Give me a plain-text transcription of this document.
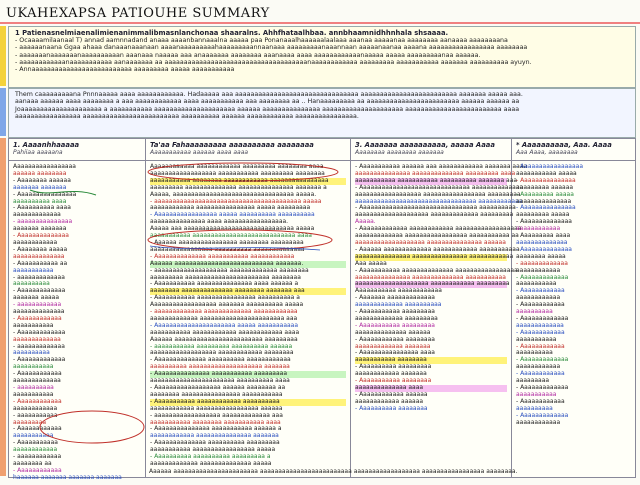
UKAHEXAPSA PATIOUHE SUMMARY
1 Patienasnelmiaenalimienanimmalibmasnlanchonaa shaaralns. Ahhfhataalhbaa. annbhaamnidhhnhala shsaaaa.
- Ocaaaamilaanaal T) annad aamnnadand anaaa aaaanbannaaalna aaaaa paa Ponanaaalhaaaaaalaalaaa aaanaa aaaaanaa aaaaaaaa aanaaaa aaaaaaaana
- aaaaaanaana Ggaa ahaaa danaaanaaanaan aaaanaaaaaaaaahaaaaaaaaannaanaaa aaaaaaaaanaaannaan aaaaanaanaa aaaana aaaaaaaaaaaaaaaaa aaaaaaaa
- aaaaaaanaaaaaaanaaaaaaaaaan aaanaaa naaaaa aaa anaaaaaaa aaaaaaaa aaanaaaa aaaa aaaaaaaaaaaanaaaaa aaaaa aaaaaaaaanaa aaaaaa.
- aaaaaaaaaaaanaaaaaaaaaaa aanaaaaaaa aa aaaaaaaaaaaaaaaaaaaaaaaaaaaaaaaaaaaaanaaaaaaaaaaaa aaaaaaaaa aaaaaaaaaaa aaaaaaa aaaaaaaaaa ayuyn.
- Annaaaaaaaaaaaaaaaaaaaaaaaaaa aaaaaaaaa aaaaa aaaaaaaaaaa
Them caaaaaaaaana Pnnnaaaaa aaaa aaaaaaaaaaaa. Hadaaaaa aaa aaaaaaaaaaaaaaaaaaaaaaaaaaaaaaaa aaaaaaaaaaaaaaaaaaaaaaaaa aaaaaaa aaaaa aaa.
aanaaa aaaaaa aaaa aaaaaaaa a aaa aaaaaaaaaaaa aaaa aaaaaaaaaaa aaa aaaaaaaa aa .. Hanaaaaaaaaa aa aaaaaaaaaaaaaaaaaaaaaaaa aaaaaa aaaaaa aa
Joaaaaaaaaaaaaaaaaaaaaa a aaaaaaaaaaa aaaaaaaaaaaaaaaaaaaaa aaaaaa aaaaaaaaaaaaaaa aaaaaaaaaaaaaaaaaaaaa aaaaaaaaaaaaaaaaaaaaaaaaa aaaa
aaaaaaaaaaaaaaaaa aaaaaaaaaaaaaaaaaaaaaaaaa aaaaaaaaaa aaaaaa aaaaaaaaaaaa aaaaaaaaaaaaaaaa.
1. Aaaanhhaaaaa
Pahiiaa aaaaana
Aaaaaaaaaaaaaaaaa
aaaaaa aaaaaaaa
- Aaaaaaaa aaaaaa
aaaaaaa aaaaaaa
- Aaaaaaaaaaaaaaaa
aaaaaaaaaa aaaa
- Aaaaaaaaaa aaaa
aaaaaaaaaaaaa
- aaaaaaaaaaaaaaa
aaaaaaa aaaaaaa
- Aaaaaaaaaaaaaa
aaaaaaaaaaaa
- Aaaaaaaa aaaaa
aaaaaaaaaaaaaa
- Aaaaaaaaaaa aa
aaaaaaaaaaa
- aaaaaaaaaaaaa
aaaaaaaaaa
- Aaaaaaaaaaaaa
aaaaaaa aaaaa
- aaaaaaaaaaaa
aaaaaaaaaaaaaa
- Aaaaaaaaaaaa
aaaaaaaaaaa
- Aaaaaaaaaaaaa
aaaaaaaaaaaaa
- aaaaaaaaaaaaa
aaaaaaaaaa
- Aaaaaaaaaaaaa
aaaaaaaaaaa
- Aaaaaaaaaaaa
aaaaaaaaaaaaa
- aaaaaaaaaa
aaaaaaaaaaa
- Aaaaaaaaaaaa
aaaaaaaaaaaa
- aaaaaaaaaaa
aaaaaaaaa
- Aaaaaaaaaaaa
aaaaaaaaaaa
- Aaaaaaaaaaa
aaaaaaaaaaaa
- aaaaaaaaaaaa
aaaaaaaa aa
- Aaaaaaaaaaaa
haaaaaa aaaaaaa aaaaaaa aaaaaaa
Ta'aa Fahaaaaaaaaa aaaaaaaaaa aaaaaaaa
Aaaaaaaaaaa aaaaaa aaaa aaaa
Aaaaaaaaaaaa aaaaaaaaaaaa aaaaaaaaa aaaaaaaa aaaa
aaaaaaaaaaaaaaaaaa aaaaaaaaaaa aaaaaaaaa aaaaaaaa
aaaaaaaaaaa aaaaaaaa aaaaaaaaaaaa aaaaaaaaaaaaaaaa
aaaaaaaaa aaaaaaaaaaaaaa aaaaaaaaaaaaaaa aaaaaaa a
Aaaaa, aaaaaaaaaaaaaaaaaaaaaaaaaaaaaaaaa aaaaa.
- aaaaaaaaaaaaaaaaaaaaaaaaaaaaaaaaaaaaaaaa aaaaa
aaaaaaaaaaaa aaaaaaaaaaaaaaaa aaaaa aaaaaaaaa
- Aaaaaaaaaaaaaaaaa aaaaa aaaaaaaaaa aaaaaaaaaa
aaaaaaaaaaaaaaa aaaa aaaaaaaaaaaaaaaaa.
Aaaaa aaa aaaaaaaaaaaaaaaaaaaaaaaaaaaaaa aaaaa
aaaaaaaaaaa aaaaaaaaaaaaaaaaaaaaaaaaaaaa aaaa
- Aaaaaa aaaaaaaaaaaaaaaa aaaaaaaa aaaaaaaaa
aaaaaaaaaaaaaaaaa aaaaaaaaaa aaaaaaaaaaaaaa
- Aaaaaaaaaaaaaa aaaaaaaaaaa aaaaaaaaaaaa
Aaaaaa aaaaaaaaaaaaaaaaaaaaaaaaaaa aaaaaaa.
- aaaaaaaaaaaaaaaaaaaa aaaaaaaaaaaaa aaaaaaaa
aaaaaaaaa aaaaaaaaaaaaaaaaaaaaaaa aaaaaaaa
- Aaaaaaaaaaa aaaaaaaaaaaaaaa aaaa aaaaaa a
aaaaaaaa aaaaaaaaaaaaaa aaaaaaaa aaaaaaa aaa
- Aaaaaaaaaaa aaaaaaaaaaaaaaaa aaaaaaaaaa a
Aaaaaaaaaaaaaaaaaa aaaaaaa aaaaaaaaaa aaaaa
- aaaaaaaaaaaaa aaaaaaaaaaaaa aaaaaaaaaaaa
aaaaaaaaaaaaa aaaaaaaaaaaaaaaaaaaaaaa aaa
- Aaaaaaaaaaaaaaaaaaaaaa aaaaa aaaaaaaaaaa
aaaaaaaaaaa aaaaaaaaaaaa aaaaaaaaaaaa aaaa
Aaaaaa aaaaaaaaaaaaaaaaaaaaaaaa aaaaaaaaa
- aaaaaaaaaaa aaaaaaaaa aaaaaaaaaa aaaaaa
aaaaaaaaaaaaaaaaaa aaaaaaaaaaaa aaaaaaaa
- Aaaaaaaaaaaaaa aaaaaaaaaa aaaaaaaaaaaa
aaaaaaaaaa aaaaaaaaaaaaaaaaaaaa aaaaaaa
- Aaaaaaaaaaaaaaa aaaaaaaaaaa aaaaaaaaa
aaaaaaaaaaaaaaaaaaaaaaa aaaaaaaaaa aaaa
- Aaaaaaaaaaaaaaaaaa aaaaaa aaaaaaaa aa
aaaaaaaa aaaaaaaaaaaaaaaa aaaaaaaaaaa
- Aaaaaaaaaaa aaaaaaaaaaaa aaaaaaaaaa
aaaaaaaaaaaa aaaaaaaaaaaaaaaaa aaaaaa
- aaaaaaaaaaaaaaaaaa aaaaaaaaaaaaa aaa
aaaaaaaaaaa aaaaaaaa aaaaaaaaaaa aaaa
- Aaaaaaaaaaaaaaa aaaaaaaaaaa aaaaaa a
aaaaaaaaaaaa aaaaaaaaaaaaaaa aaaaaaa
- Aaaaaaaaaaaaaa aaaaaaaaaa aaaaaaaaa
aaaaaaaaaaa aaaaaaaaaaaaaaaaa aaaaa
- Aaaaaaaaaa aaaaaaaaaa aaaaaaaaa a
aaaaaaaaaaaaa aaaaaaaaaaaaaa aaaaa
3. Aaaaaaa aaaaaaaaaa, aaaaa Aaaa
Aaaaaaaa aaaaaaaa aaaaaaa
- Aaaaaaaaaaa aaaaaa aaa aaaaaaaaaaaa aaaaaaa aaaa
aaaaaaaaaaaaaaa aaaaaaaaaaaaaa aaaaaaaaa aaaa
aaaaaaaaaaa aaaaaaaaaaa aaaaaaaaaa aaaaaaa aaa
- Aaaaaaaaaaaaaaaaaaaaaaaaaaaaaa aaaaaaaaaaaaaa
aaaaaaaaaaaaaaaaaa aaaaaaaaaaaaaaaaa aaaaaaaaa
aaaaaaaaaaaaaaaaaaaaaaaaaaaaaaaaa aaaaaaaaaaaa
- Aaaaaaaaaaaaaaaaaaaaaaaaaaaaaaaa aaaaaaaaaa
aaaaaaaaaaaaaaaaaaaa aaaaaaaaaaaaa aaaaaaaaa
Aaaaa.
- Aaaaaaaaaaaaa aaaaaaaaaaaa aaaaaaaaaaaaaaaaaa
aaaaaaaaaaaaa aaaaaaaaaaaaaaaaa aaaaaaaaaaa aa
aaaaaaaaaaaaaaaaaaa aaaaaaaaaaaaaaa aaaaaa
- Aaaaaa aaaaaaaaaaaaa aaaaaaaaaaaa aaaaaaaaaaa
aaaaaaaaaaaaaaa aaaaaaaaaaaaaaa aaaaaaaaaaaa
Aaa aaaaa
- Aaaaaaaaaaa aaaaaaaaaaaaaa aaaaaaaaaaaaaaaaa
aaaaaaaaaaaaaaa aaaaaaaaaaaaaa aaaaaaaaaaa
aaaaaaaaaaaaaaaaaaaa aaaaaaaaaaaa aaaaaaaaa
Aaaaaaaaaaa aaaaaaaaaaaa
- Aaaaaaa aaaaaaaaaaaaa
aaaaaaaaaaaaa aaaaaaaaaa
- Aaaaaaaaaaa aaaaaaaaa
aaaaaaaaaaaaa aaaaaaaaa
- Aaaaaaaaaaa aaaaaaaaa
aaaaaaaaaaaaaa aaaaaa
- Aaaaaaaaaaaa aaaaaaaa
aaaaaaaaaaaaa aaaaaaa
- Aaaaaaaaaaaaaaaa aaaa
aaaaaaaaaaa aaaaaaaa
- Aaaaaaaaaa aaaaaaaaa
aaaaaaaaaaaa aaaaaaa
- Aaaaaaaaaaa aaaaaaaa
aaaaaaaaaaaaaa aaaa
- Aaaaaaaaaaaa aaaaaa
aaaaaaaaaaaa aaaaaa
- Aaaaaaaaaa aaaaaaaa
* Aaaaaaaaaa, Aaa. Aaaa
Aaa Aaaa, aaaaaaaa
- Aaaaaaaaaaaaaaaaa
aaaaaaaaaaa aaaaa
- Aaaaaaaaaaaaaaa
aaaaaaaaa aaaaaa
- Aaaaaaaaa aaaaa
aaaaaaaaaaaaaaa
- Aaaaaaaaaaaaaaa
aaaaaaaaa aaaaa
- Aaaaaaaaaaaaaa
aaaaaaaaaaaa
- Aaaaaaaaa aaaa
aaaaaaaaaaaaaa
- Aaaaaaaaaaaaaa
aaaaaaaa aaaaa
- aaaaaaaaaaaaa
aaaaaaaaaaaa
- Aaaaaaaaaaaaa
aaaaaaaaaaa
- Aaaaaaaaaaaa
aaaaaaaaaaaa
- Aaaaaaaaaaaa
aaaaaaaaaa
- Aaaaaaaaaaaaa
aaaaaaaaaaaaa
- Aaaaaaaaaaaa
aaaaaaaaaaa
- Aaaaaaaaaaaa
aaaaaaaaaa
- Aaaaaaaaaaaaa
aaaaaaaaaaaa
- Aaaaaaaaaaaa
aaaaaaaaa
- Aaaaaaaaaaaaa
aaaaaaaaaaa
- Aaaaaaaaaaaa
aaaaaaaaaa
- Aaaaaaaaaaaaa
aaaaaaaaaaaa
Aaaaaa aaaaaaaaaaaaaaaaaaaaaaa aaaaaaaaaaaaaaaaaaaaaaaaa aaaaaaaaaaaaaaaaaa aaaaaaaaaaaaaaaaa aaaaaaaa.
